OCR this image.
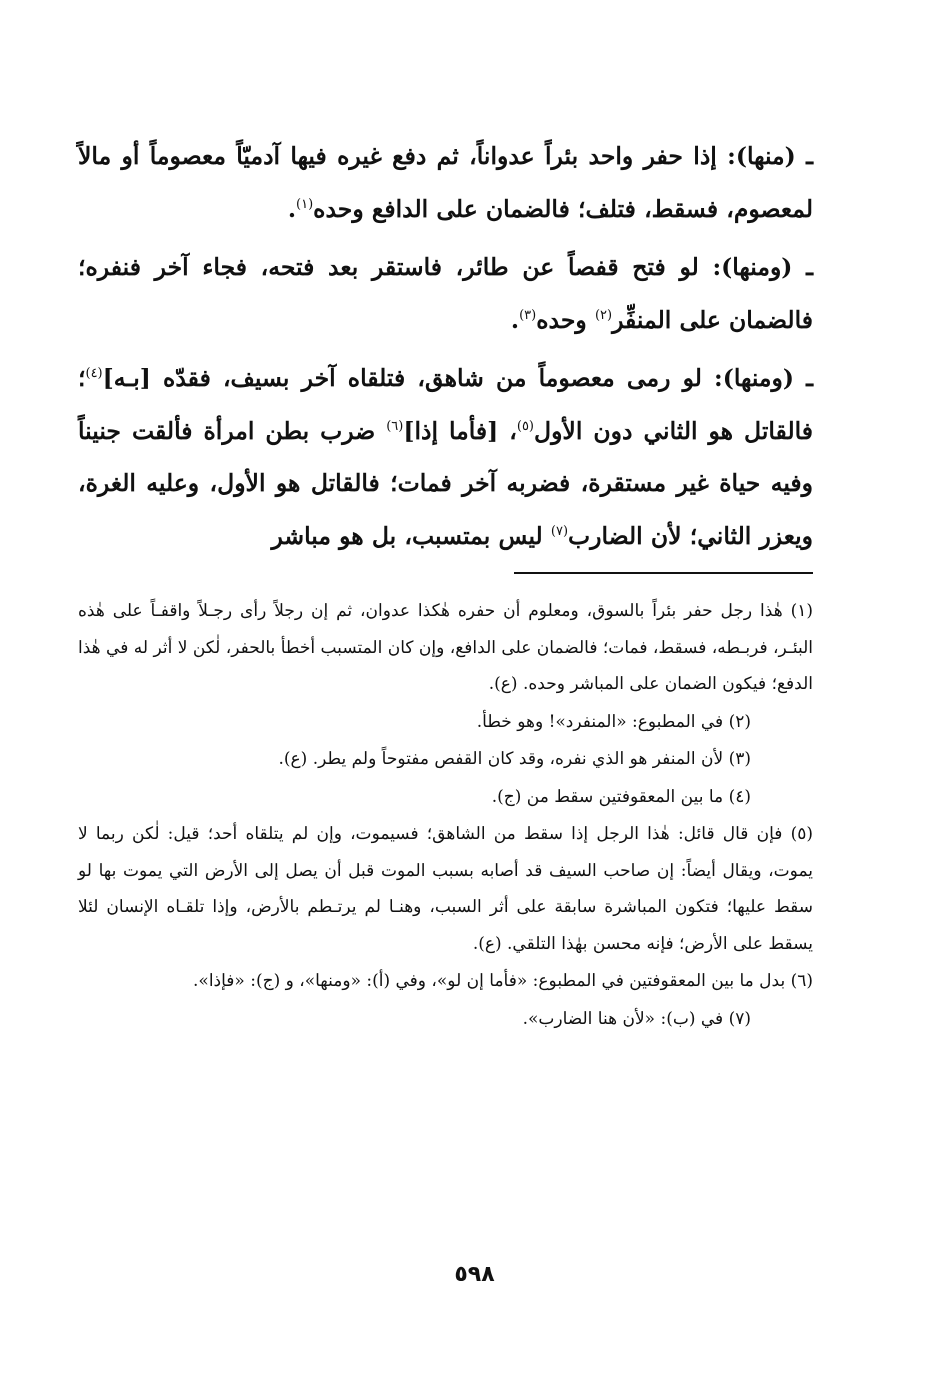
ـ (منها): إذا حفر واحد بئراً عدواناً، ثم دفع غيره فيها آدميّاً معصوماً أو مالاً لمعصوم، فسقط، فتلف؛ فالضمان على الدافع وحده$^{(١)}$.

ـ (ومنها): لو فتح قفصاً عن طائر، فاستقر بعد فتحه، فجاء آخر فنفره؛ فالضمان على المنفِّر$^{(٢)}$ وحده$^{(٣)}$.

ـ (ومنها): لو رمى معصوماً من شاهق، فتلقاه آخر بسيف، فقدّه [بـه]$^{(٤)}$؛ فالقاتل هو الثاني دون الأول$^{(٥)}$، [فأما إذا]$^{(٦)}$ ضرب بطن امرأة فألقت جنيناً وفيه حياة غير مستقرة، فضربه آخر فمات؛ فالقاتل هو الأول، وعليه الغرة، ويعزر الثاني؛ لأن الضارب$^{(٧)}$ ليس بمتسبب، بل هو مباشر

(١) هٰذا رجل حفر بئراً بالسوق، ومعلوم أن حفره هٰكذا عدوان، ثم إن رجلاً رأى رجـلاً واقفـاً على هٰذه البئـر، فربـطه، فسقط، فمات؛ فالضمان على الدافع، وإن كان المتسبب أخطأ بالحفر، لٰكن لا أثر له في هٰذا الدفع؛ فيكون الضمان على المباشر وحده. (ع).

(٢) في المطبوع: «المنفرد»! وهو خطأ.

(٣) لأن المنفر هو الذي نفره، وقد كان القفص مفتوحاً ولم يطر. (ع).

(٤) ما بين المعقوفتين سقط من (ج).

(٥) فإن قال قائل: هٰذا الرجل إذا سقط من الشاهق؛ فسيموت، وإن لم يتلقاه أحد؛ قيل: لٰكن ربما لا يموت، ويقال أيضاً: إن صاحب السيف قد أصابه بسبب الموت قبل أن يصل إلى الأرض التي يموت بها لو سقط عليها؛ فتكون المباشرة سابقة على أثر السبب، وهنـا لم يرتـطم بالأرض، وإذا تلقـاه الإنسان لئلا يسقط على الأرض؛ فإنه محسن بهٰذا التلقي. (ع).

(٦) بدل ما بين المعقوفتين في المطبوع: «فأما إن لو»، وفي (أ): «ومنها»، و (ج): «فإذا».

(٧) في (ب): «لأن هنا الضارب».

٥٩٨
